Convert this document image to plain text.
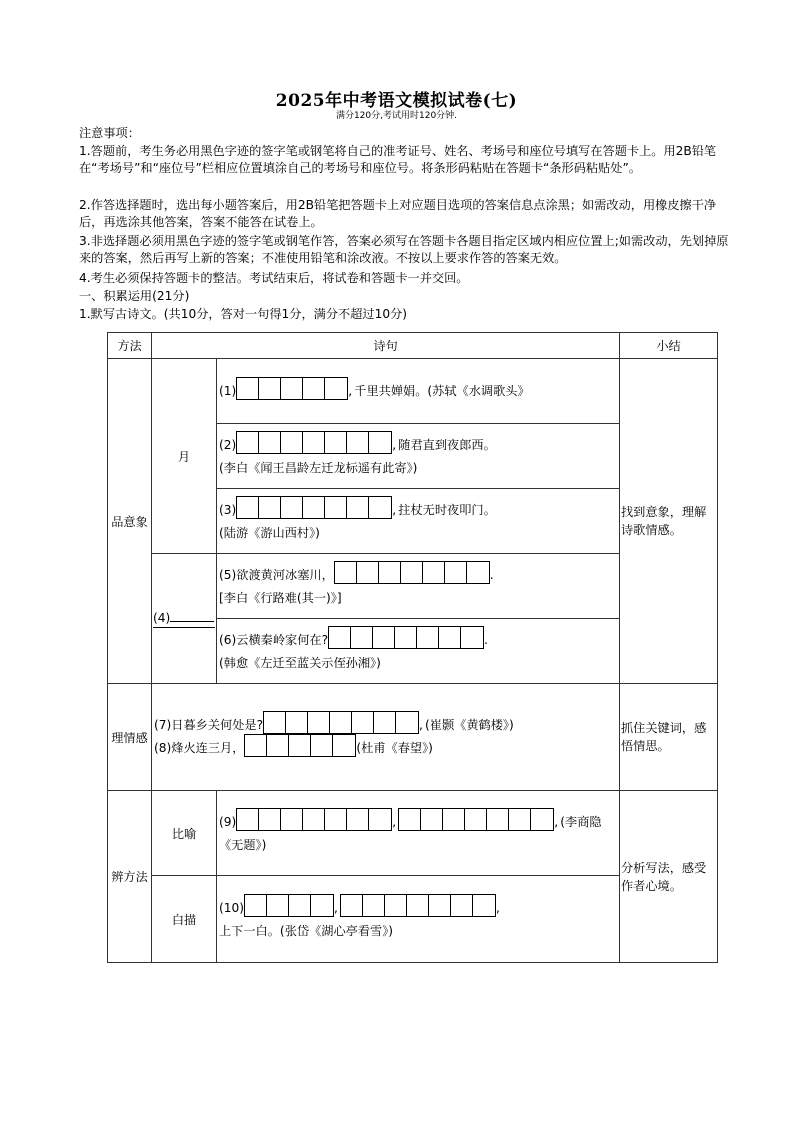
2025年中考语文模拟试卷(七)
满分120分,考试用时120分钟.
注意事项：
1.答题前，考生务必用黑色字迹的签字笔或钢笔将自己的准考证号、姓名、考场号和座位号填写在答题卡上。用2B铅笔在“考场号”和“座位号”栏相应位置填涂自己的考场号和座位号。将条形码粘贴在答题卡“条形码粘贴处”。
2.作答选择题时，选出每小题答案后，用2B铅笔把答题卡上对应题目选项的答案信息点涂黑；如需改动，用橡皮擦干净后，再选涂其他答案，答案不能答在试卷上。
3.非选择题必须用黑色字迹的签字笔或钢笔作答，答案必须写在答题卡各题目指定区域内相应位置上;如需改动，先划掉原来的答案，然后再写上新的答案；不准使用铅笔和涂改液。不按以上要求作答的答案无效。
4.考生必须保持答题卡的整洁。考试结束后，将试卷和答题卡一并交回。
一、积累运用(21分)
1.默写古诗文。(共10分，答对一句得1分，满分不超过10分)
方法	诗句		小结
品意象	月	(1) , 千里共婵娟。(苏轼《水调歌头》	找到意象，理解诗歌情感。
		(2) , 随君直到夜郎西。
(李白《闻王昌龄左迁龙标遥有此寄》)	
		(3) , 拄杖无时夜叩门。
(陆游《游山西村》)	
	(4)	(5)欲渡黄河冰塞川， .
[李白《行路难(其一)》]	
		(6)云横秦岭家何在? .
(韩愈《左迁至蓝关示侄孙湘》)	
理情感	(7)日暮乡关何处是? , (崔颢《黄鹤楼》)
(8)烽火连三月， (杜甫《春望》)		抓住关键词，感悟情思。
辨方法	比喻	(9) , , (李商隐《无题》)	分析写法，感受作者心境。
	白描	(10) , ,
上下一白。(张岱《湖心亭看雪》)	
